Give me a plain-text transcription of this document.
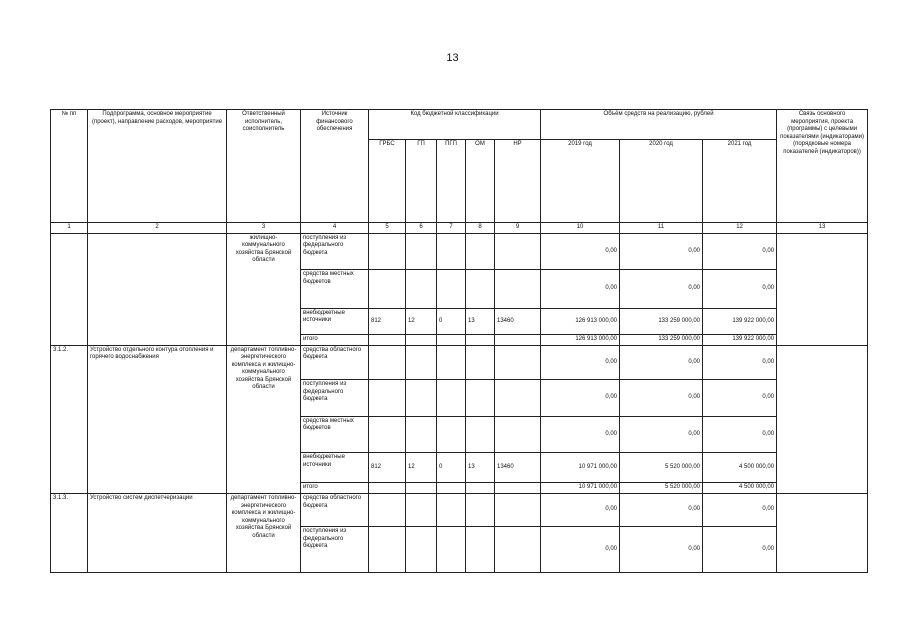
13
№ пп	Подпрограмма, основное мероприятие (проект), направление расходов, мероприятие	Ответственный исполнитель, соисполнитель	Источник финансового обеспечения	Код бюджетной классификации					Объём средств на реализацию, рублей			Связь основного мероприятия, проекта (программы) с целевыми показателями (индикаторами) (порядковые номера показателей (индикаторов))
				ГРБС	ГП	ПГП	ОМ	НР	2019 год	2020 год	2021 год	
1	2	3	4	5	6	7	8	9	10	11	12	13
		жилищно-коммунального хозяйства Брянской области	поступления из федерального бюджета						0,00	0,00	0,00	
			средства местных бюджетов						0,00	0,00	0,00	
			внебюджетные источники	812	12	0	13	13460	126 913 000,00	133 259 000,00	139 922 000,00	
			итого						126 913 000,00	133 259 000,00	139 922 000,00	
3.1.2.	Устройство отдельного контура отопления и горячего водоснабжения	департамент топливно-энергетического комплекса и жилищно-коммунального хозяйства Брянской области	средства областного бюджета						0,00	0,00	0,00	
			поступления из федерального бюджета						0,00	0,00	0,00	
			средства местных бюджетов						0,00	0,00	0,00	
			внебюджетные источники	812	12	0	13	13460	10 971 000,00	5 520 000,00	4 500 000,00	
			итого						10 971 000,00	5 520 000,00	4 500 000,00	
3.1.3.	Устройство систем диспетчеризации	департамент топливно-энергетического комплекса и жилищно-коммунального хозяйства Брянской области	средства областного бюджета						0,00	0,00	0,00	
			поступления из федерального бюджета						0,00	0,00	0,00	
